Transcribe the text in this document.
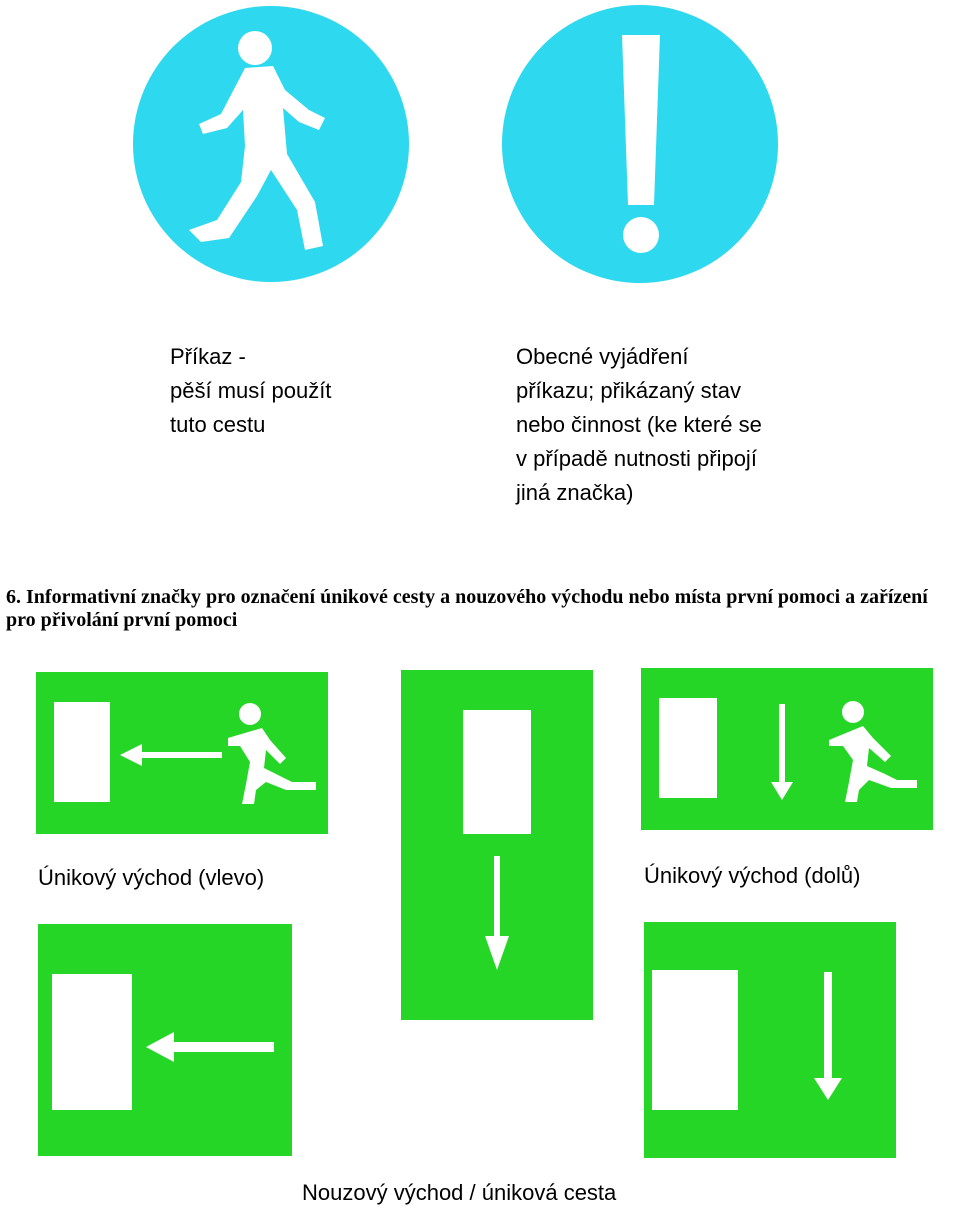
Příkaz -
pěší musí použít
tuto cestu
Obecné vyjádření
příkazu; přikázaný stav
nebo činnost (ke které se
v případě nutnosti připojí
jiná značka)
6. Informativní značky pro označení únikové cesty a nouzového východu nebo místa první pomoci a zařízení pro přivolání první pomoci
Únikový východ (vlevo)	Únikový východ (dolů)
Nouzový východ / úniková cesta
